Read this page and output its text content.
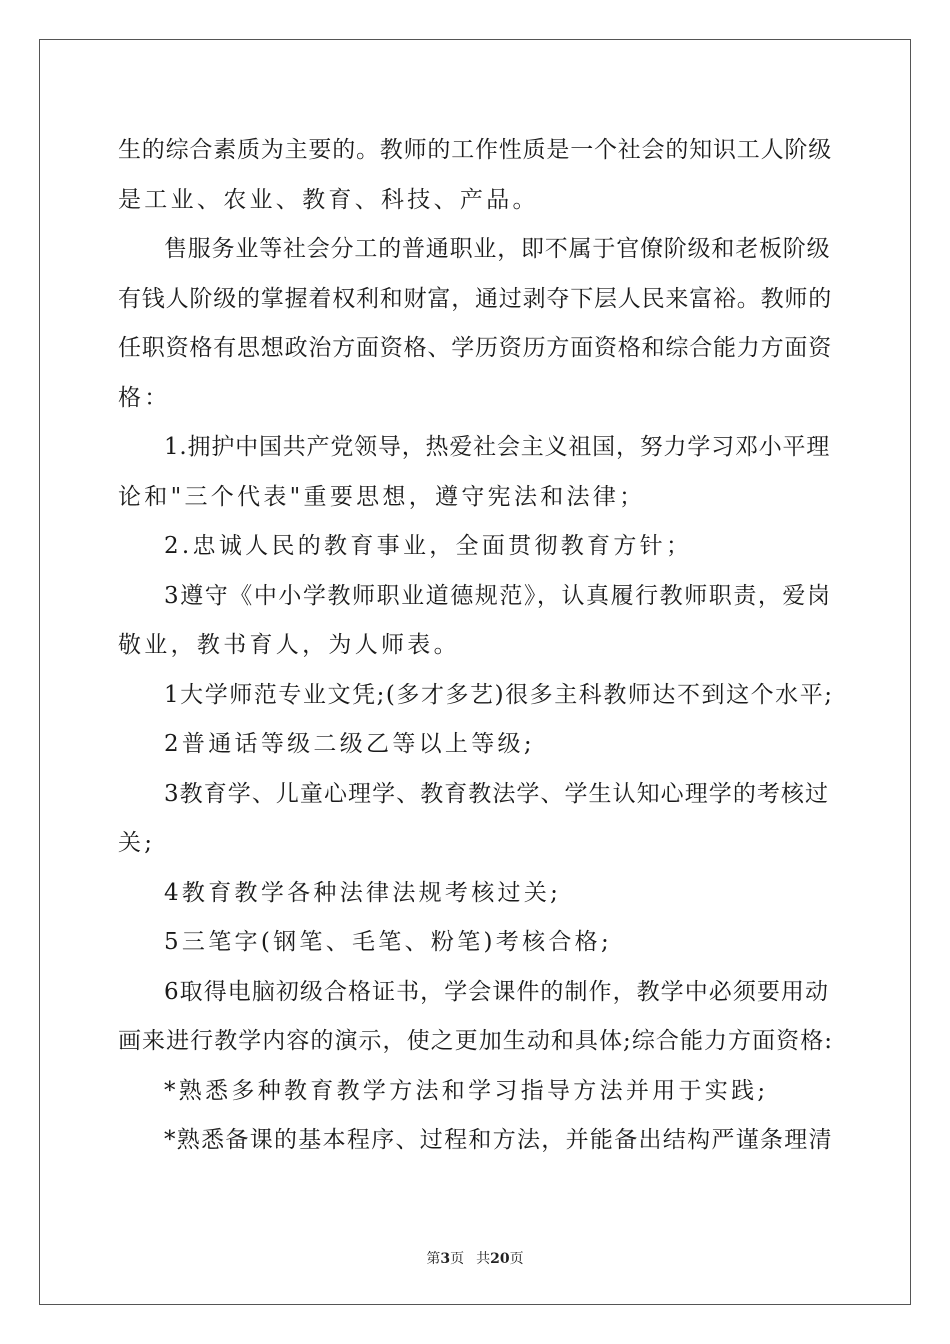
生的综合素质为主要的。教师的工作性质是一个社会的知识工人阶级
是工业、农业、教育、科技、产品。
售服务业等社会分工的普通职业，即不属于官僚阶级和老板阶级
有钱人阶级的掌握着权利和财富，通过剥夺下层人民来富裕。教师的
任职资格有思想政治方面资格、学历资历方面资格和综合能力方面资
格：
1.拥护中国共产党领导，热爱社会主义祖国，努力学习邓小平理
论和"三个代表"重要思想，遵守宪法和法律；
2.忠诚人民的教育事业，全面贯彻教育方针；
3遵守《中小学教师职业道德规范》，认真履行教师职责，爱岗
敬业，教书育人，为人师表。
1大学师范专业文凭;(多才多艺)很多主科教师达不到这个水平;
2普通话等级二级乙等以上等级;
3教育学、儿童心理学、教育教法学、学生认知心理学的考核过
关;
4教育教学各种法律法规考核过关;
5三笔字(钢笔、毛笔、粉笔)考核合格;
6取得电脑初级合格证书，学会课件的制作，教学中必须要用动
画来进行教学内容的演示，使之更加生动和具体;综合能力方面资格:
*熟悉多种教育教学方法和学习指导方法并用于实践;
*熟悉备课的基本程序、过程和方法，并能备出结构严谨条理清
第3页 共20页
